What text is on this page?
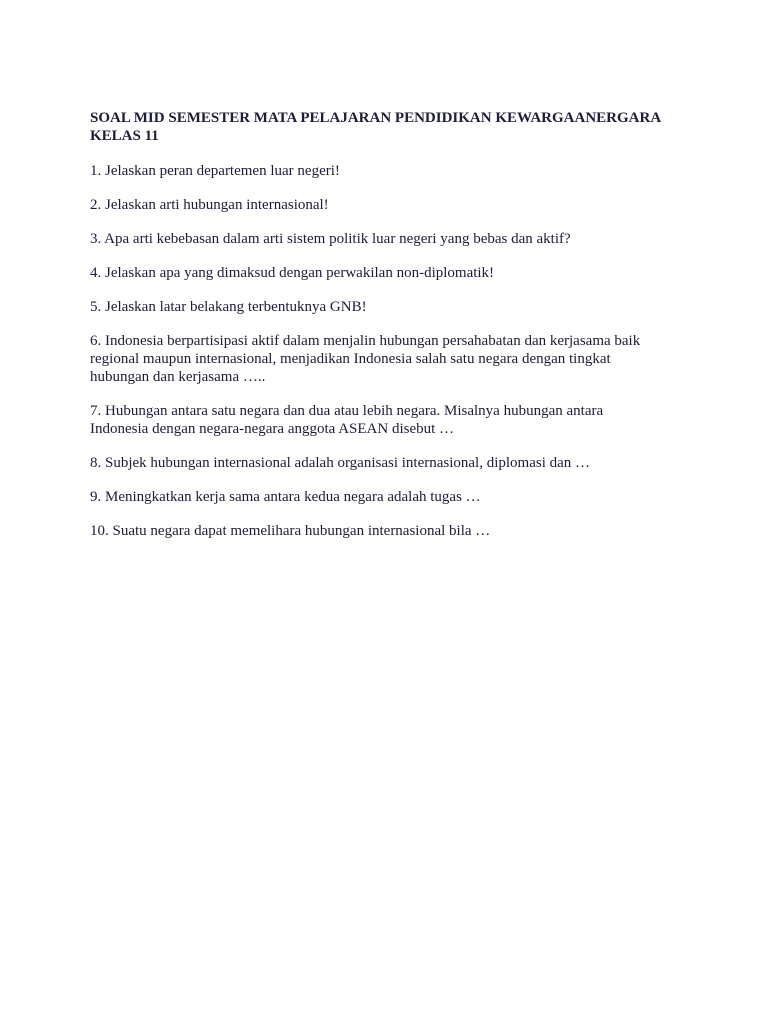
SOAL MID SEMESTER MATA PELAJARAN PENDIDIKAN KEWARGAANERGARA KELAS 11
1. Jelaskan peran departemen luar negeri!
2. Jelaskan arti hubungan internasional!
3. Apa arti kebebasan dalam arti sistem politik luar negeri yang bebas dan aktif?
4. Jelaskan apa yang dimaksud dengan perwakilan non-diplomatik!
5. Jelaskan latar belakang terbentuknya GNB!
6. Indonesia berpartisipasi aktif dalam menjalin hubungan persahabatan dan kerjasama baik
regional maupun internasional, menjadikan Indonesia salah satu negara dengan tingkat
hubungan dan kerjasama …..
7. Hubungan antara satu negara dan dua atau lebih negara. Misalnya hubungan antara
Indonesia dengan negara-negara anggota ASEAN disebut …
8. Subjek hubungan internasional adalah organisasi internasional, diplomasi dan …
9. Meningkatkan kerja sama antara kedua negara adalah tugas …
10. Suatu negara dapat memelihara hubungan internasional bila …
